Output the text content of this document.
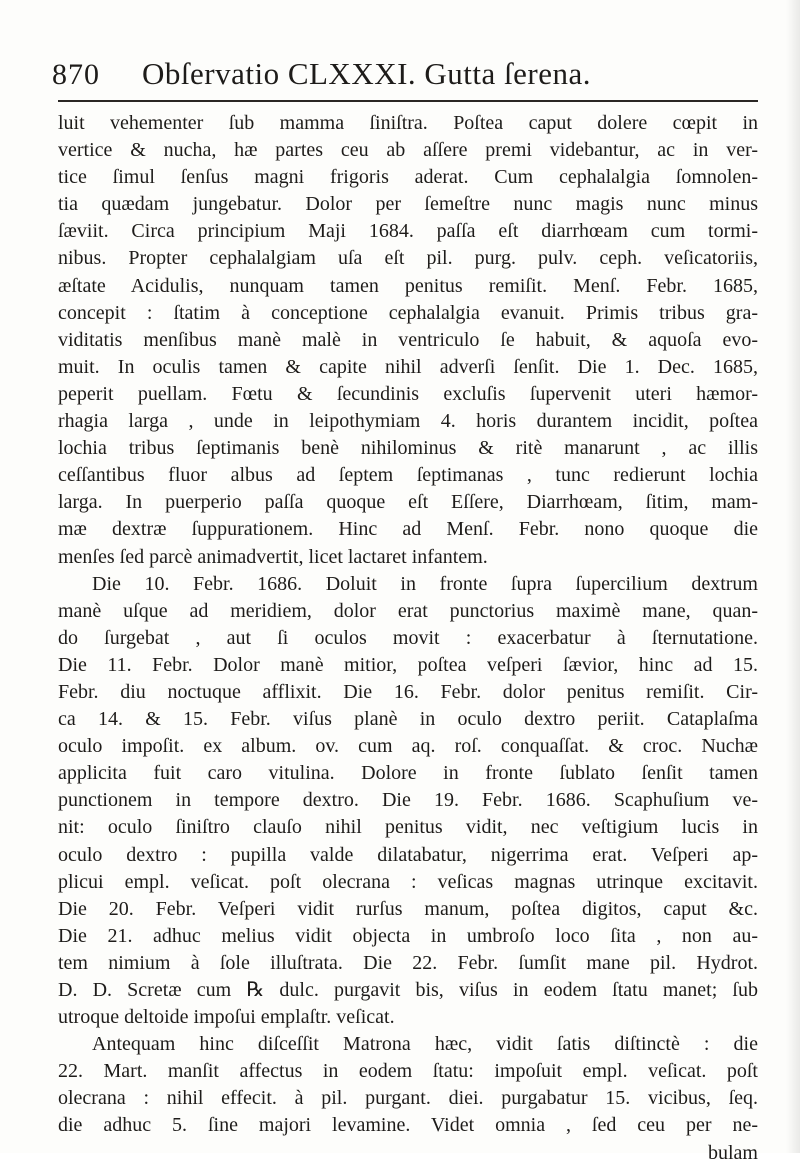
870	Obſervatio CLXXXI. Gutta ſerena.
luit vehementer ſub mamma ſiniſtra. Poſtea caput dolere cœpit in
vertice & nucha, hæ partes ceu ab aſſere premi videbantur, ac in ver-
tice ſimul ſenſus magni frigoris aderat. Cum cephalalgia ſomnolen-
tia quædam jungebatur. Dolor per ſemeſtre nunc magis nunc minus
ſæviit. Circa principium Maji 1684. paſſa eſt diarrhœam cum tormi-
nibus. Propter cephalalgiam uſa eſt pil. purg. pulv. ceph. veſicatoriis,
æſtate Acidulis, nunquam tamen penitus remiſit. Menſ. Febr. 1685,
concepit : ſtatim à conceptione cephalalgia evanuit. Primis tribus gra-
viditatis menſibus manè malè in ventriculo ſe habuit, & aquoſa evo-
muit. In oculis tamen & capite nihil adverſi ſenſit. Die 1. Dec. 1685,
peperit puellam. Fœtu & ſecundinis excluſis ſupervenit uteri hæmor-
rhagia larga , unde in leipothymiam 4. horis durantem incidit, poſtea
lochia tribus ſeptimanis benè nihilominus & ritè manarunt , ac illis
ceſſantibus fluor albus ad ſeptem ſeptimanas , tunc redierunt lochia
larga. In puerperio paſſa quoque eſt Eſſere, Diarrhœam, ſitim, mam-
mæ dextræ ſuppurationem. Hinc ad Menſ. Febr. nono quoque die
menſes ſed parcè animadvertit, licet lactaret infantem.
Die 10. Febr. 1686. Doluit in fronte ſupra ſupercilium dextrum
manè uſque ad meridiem, dolor erat punctorius maximè mane, quan-
do ſurgebat , aut ſi oculos movit : exacerbatur à ſternutatione.
Die 11. Febr. Dolor manè mitior, poſtea veſperi ſævior, hinc ad 15.
Febr. diu noctuque afflixit. Die 16. Febr. dolor penitus remiſit. Cir-
ca 14. & 15. Febr. viſus planè in oculo dextro periit. Cataplaſma
oculo impoſit. ex album. ov. cum aq. roſ. conquaſſat. & croc. Nuchæ
applicita fuit caro vitulina. Dolore in fronte ſublato ſenſit tamen
punctionem in tempore dextro. Die 19. Febr. 1686. Scaphuſium ve-
nit: oculo ſiniſtro clauſo nihil penitus vidit, nec veſtigium lucis in
oculo dextro : pupilla valde dilatabatur, nigerrima erat. Veſperi ap-
plicui empl. veſicat. poſt olecrana : veſicas magnas utrinque excitavit.
Die 20. Febr. Veſperi vidit rurſus manum, poſtea digitos, caput &c.
Die 21. adhuc melius vidit objecta in umbroſo loco ſita , non au-
tem nimium à ſole illuſtrata. Die 22. Febr. ſumſit mane pil. Hydrot.
D. D. Scretæ cum ℞ dulc. purgavit bis, viſus in eodem ſtatu manet; ſub
utroque deltoide impoſui emplaſtr. veſicat.
Antequam hinc diſceſſit Matrona hæc, vidit ſatis diſtinctè : die
22. Mart. manſit affectus in eodem ſtatu: impoſuit empl. veſicat. poſt
olecrana : nihil effecit. à pil. purgant. diei. purgabatur 15. vicibus, ſeq.
die adhuc 5. ſine majori levamine. Videt omnia , ſed ceu per ne-
bulam
